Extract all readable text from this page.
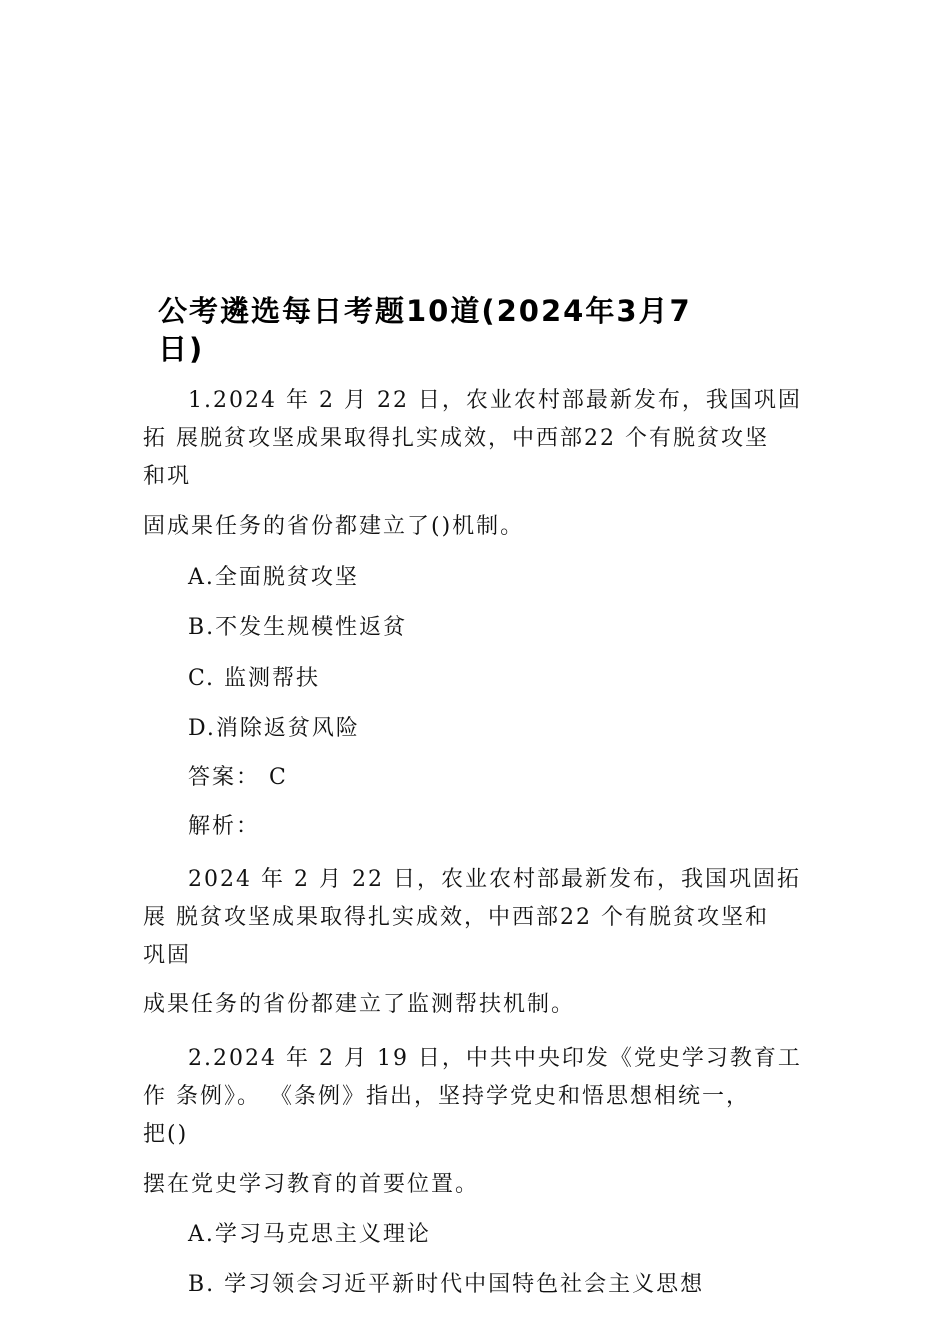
公考遴选每日考题10道(2024年3月7
日)
1.2024 年 2 月 22 日，农业农村部最新发布，我国巩固
拓 展脱贫攻坚成果取得扎实成效，中西部22 个有脱贫攻坚
和巩
固成果任务的省份都建立了()机制。
A.全面脱贫攻坚
B.不发生规模性返贫
C. 监测帮扶
D.消除返贫风险
答案： C
解析：
2024 年 2 月 22 日，农业农村部最新发布，我国巩固拓
展 脱贫攻坚成果取得扎实成效，中西部22 个有脱贫攻坚和
巩固
成果任务的省份都建立了监测帮扶机制。
2.2024 年 2 月 19 日，中共中央印发《党史学习教育工
作 条例》。 《条例》指出，坚持学党史和悟思想相统一，
把()
摆在党史学习教育的首要位置。
A.学习马克思主义理论
B. 学习领会习近平新时代中国特色社会主义思想
